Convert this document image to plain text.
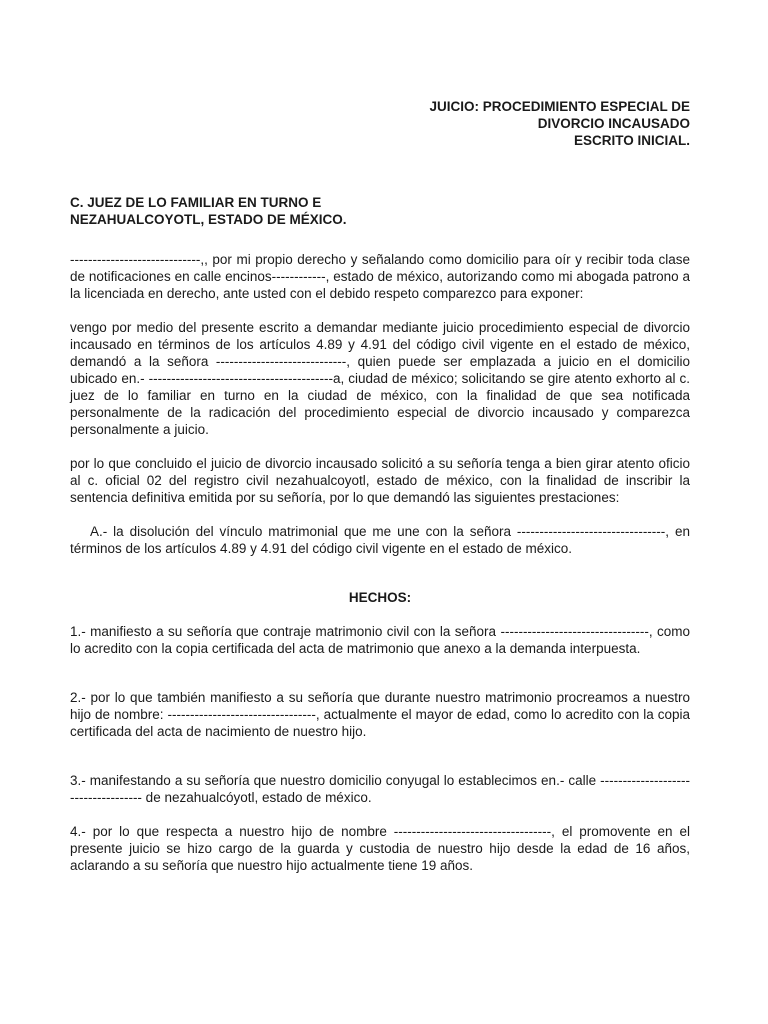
JUICIO: PROCEDIMIENTO ESPECIAL DE
DIVORCIO INCAUSADO
ESCRITO INICIAL.
C. JUEZ DE LO FAMILIAR EN TURNO E
NEZAHUALCOYOTL, ESTADO DE MÉXICO.

-----------------------------,, por mi propio derecho y señalando como domicilio para oír y recibir toda clase de notificaciones en calle encinos------------, estado de méxico, autorizando como mi abogada patrono a la licenciada en derecho, ante usted con el debido respeto comparezco para exponer:

vengo por medio del presente escrito a demandar mediante juicio procedimiento especial de divorcio incausado en términos de los artículos 4.89 y 4.91 del código civil vigente en el estado de méxico, demandó a la señora -----------------------------, quien puede ser emplazada a juicio en el domicilio ubicado en.- -----------------------------------------a, ciudad de méxico; solicitando se gire atento exhorto al c. juez de lo familiar en turno en la ciudad de méxico, con la finalidad de que sea notificada personalmente de la radicación del procedimiento especial de divorcio incausado y comparezca personalmente a juicio.

por lo que concluido el juicio de divorcio incausado solicitó a su señoría tenga a bien girar atento oficio al c. oficial 02 del registro civil nezahualcoyotl, estado de méxico, con la finalidad de inscribir la sentencia definitiva emitida por su señoría, por lo que demandó las siguientes prestaciones:

A.- la disolución del vínculo matrimonial que me une con la señora ---------------------------------, en términos de los artículos 4.89 y 4.91 del código civil vigente en el estado de méxico.

HECHOS:

1.- manifiesto a su señoría que contraje matrimonio civil con la señora ---------------------------------, como lo acredito con la copia certificada del acta de matrimonio que anexo a la demanda interpuesta.

2.- por lo que también manifiesto a su señoría que durante nuestro matrimonio procreamos a nuestro hijo de nombre: ---------------------------------, actualmente el mayor de edad, como lo acredito con la copia certificada del acta de nacimiento de nuestro hijo.

3.- manifestando a su señoría que nuestro domicilio conyugal lo establecimos en.- calle ------------------------------------ de nezahualcóyotl, estado de méxico.

4.- por lo que respecta a nuestro hijo de nombre -----------------------------------, el promovente en el presente juicio se hizo cargo de la guarda y custodia de nuestro hijo desde la edad de 16 años, aclarando a su señoría que nuestro hijo actualmente tiene 19 años.
